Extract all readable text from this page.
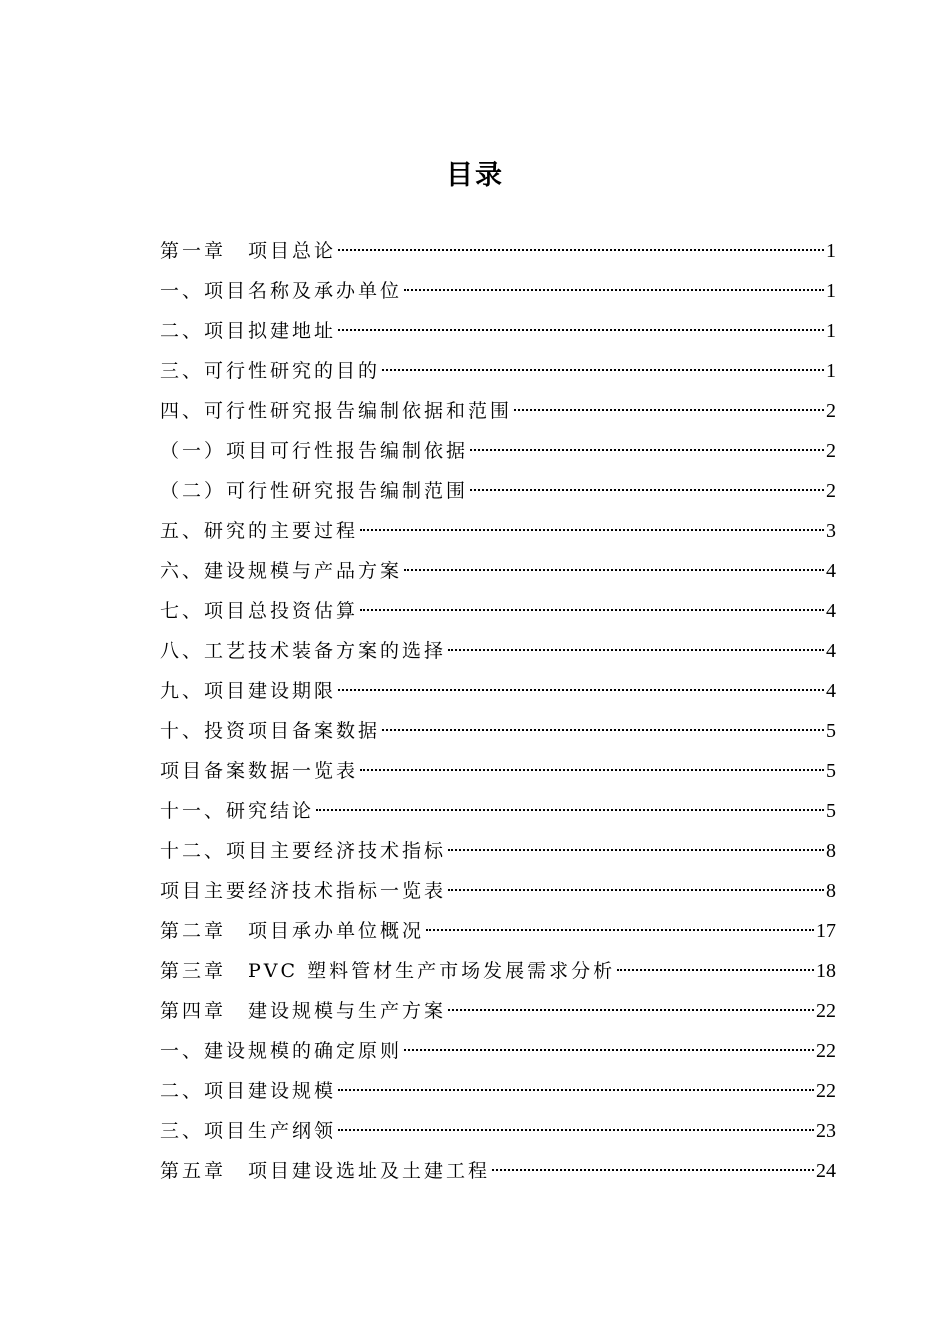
目录
第一章　项目总论	1
一、项目名称及承办单位	1
二、项目拟建地址	1
三、可行性研究的目的	1
四、可行性研究报告编制依据和范围	2
（一）项目可行性报告编制依据	2
（二）可行性研究报告编制范围	2
五、研究的主要过程	3
六、建设规模与产品方案	4
七、项目总投资估算	4
八、工艺技术装备方案的选择	4
九、项目建设期限	4
十、投资项目备案数据	5
项目备案数据一览表	5
十一、研究结论	5
十二、项目主要经济技术指标	8
项目主要经济技术指标一览表	8
第二章　项目承办单位概况	17
第三章　PVC 塑料管材生产市场发展需求分析	18
第四章　建设规模与生产方案	22
一、建设规模的确定原则	22
二、项目建设规模	22
三、项目生产纲领	23
第五章　项目建设选址及土建工程	24
